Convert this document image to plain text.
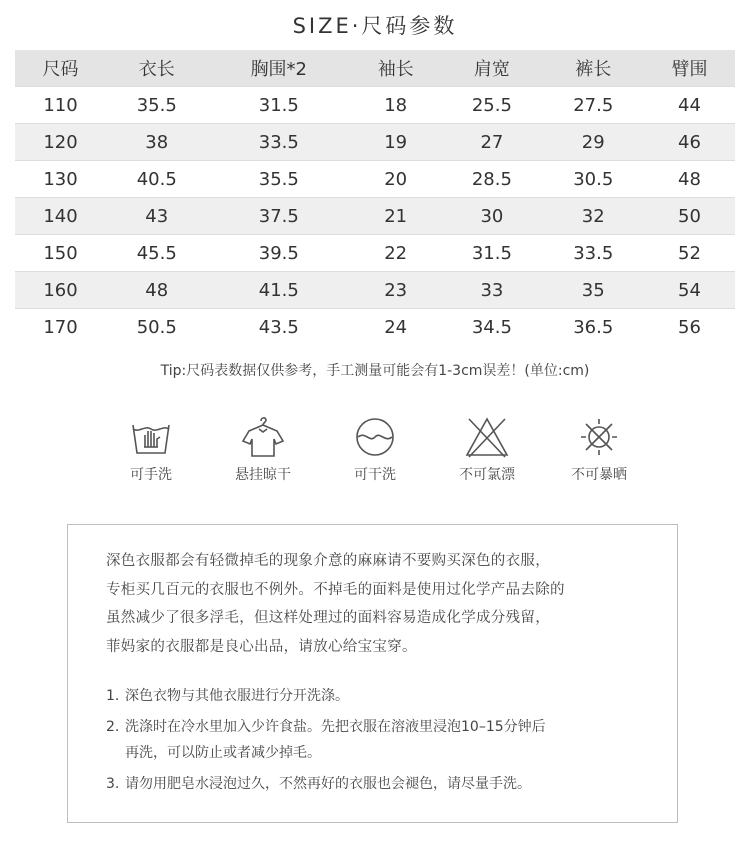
SIZE·尺码参数
尺码	衣长	胸围*2	袖长	肩宽	裤长	臂围
110	35.5	31.5	18	25.5	27.5	44
120	38	33.5	19	27	29	46
130	40.5	35.5	20	28.5	30.5	48
140	43	37.5	21	30	32	50
150	45.5	39.5	22	31.5	33.5	52
160	48	41.5	23	33	35	54
170	50.5	43.5	24	34.5	36.5	56
Tip:尺码表数据仅供参考，手工测量可能会有1-3cm误差！(单位:cm)
可手洗	悬挂晾干	可干洗	不可氯漂	不可暴晒
深色衣服都会有轻微掉毛的现象介意的麻麻请不要购买深色的衣服，
专柜买几百元的衣服也不例外。不掉毛的面料是使用过化学产品去除的
虽然减少了很多浮毛，但这样处理过的面料容易造成化学成分残留，
菲妈家的衣服都是良心出品，请放心给宝宝穿。
1. 深色衣物与其他衣服进行分开洗涤。
2. 洗涤时在冷水里加入少许食盐。先把衣服在溶液里浸泡10–15分钟后
再洗，可以防止或者减少掉毛。
3. 请勿用肥皂水浸泡过久，不然再好的衣服也会褪色，请尽量手洗。
